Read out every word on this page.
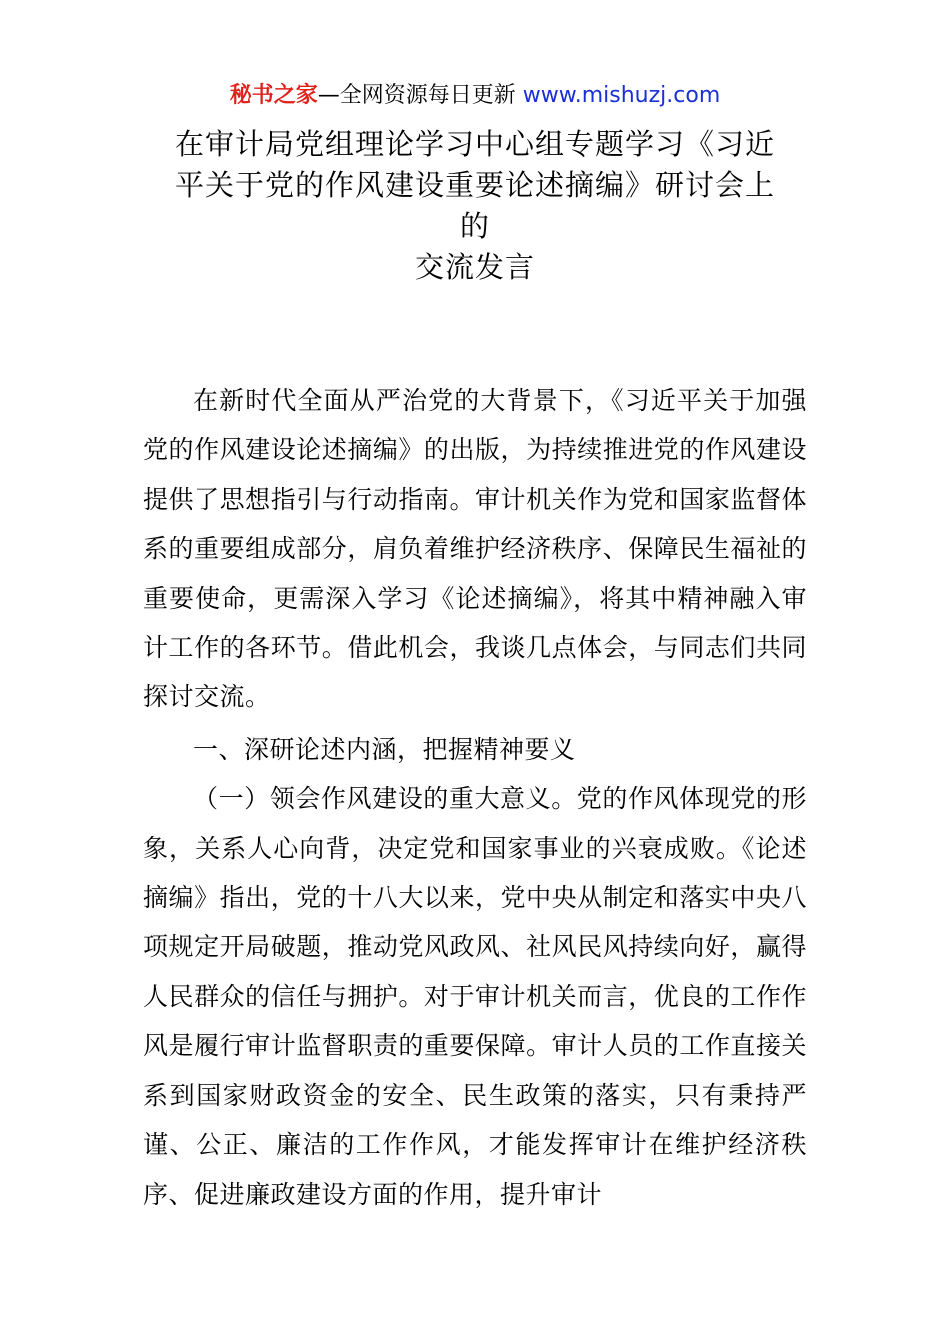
秘书之家—全网资源每日更新 www.mishuzj.com
在审计局党组理论学习中心组专题学习《习近
平关于党的作风建设重要论述摘编》研讨会上
的
交流发言

在新时代全面从严治党的大背景下，《习近平关于加强党的作风建设论述摘编》的出版，为持续推进党的作风建设提供了思想指引与行动指南。审计机关作为党和国家监督体系的重要组成部分，肩负着维护经济秩序、保障民生福祉的重要使命，更需深入学习《论述摘编》，将其中精神融入审计工作的各环节。借此机会，我谈几点体会，与同志们共同探讨交流。

一、深研论述内涵，把握精神要义

（一）领会作风建设的重大意义。党的作风体现党的形象，关系人心向背，决定党和国家事业的兴衰成败。《论述摘编》指出，党的十八大以来，党中央从制定和落实中央八项规定开局破题，推动党风政风、社风民风持续向好，赢得人民群众的信任与拥护。对于审计机关而言，优良的工作作风是履行审计监督职责的重要保障。审计人员的工作直接关系到国家财政资金的安全、民生政策的落实，只有秉持严谨、公正、廉洁的工作作风，才能发挥审计在维护经济秩序、促进廉政建设方面的作用，提升审计
